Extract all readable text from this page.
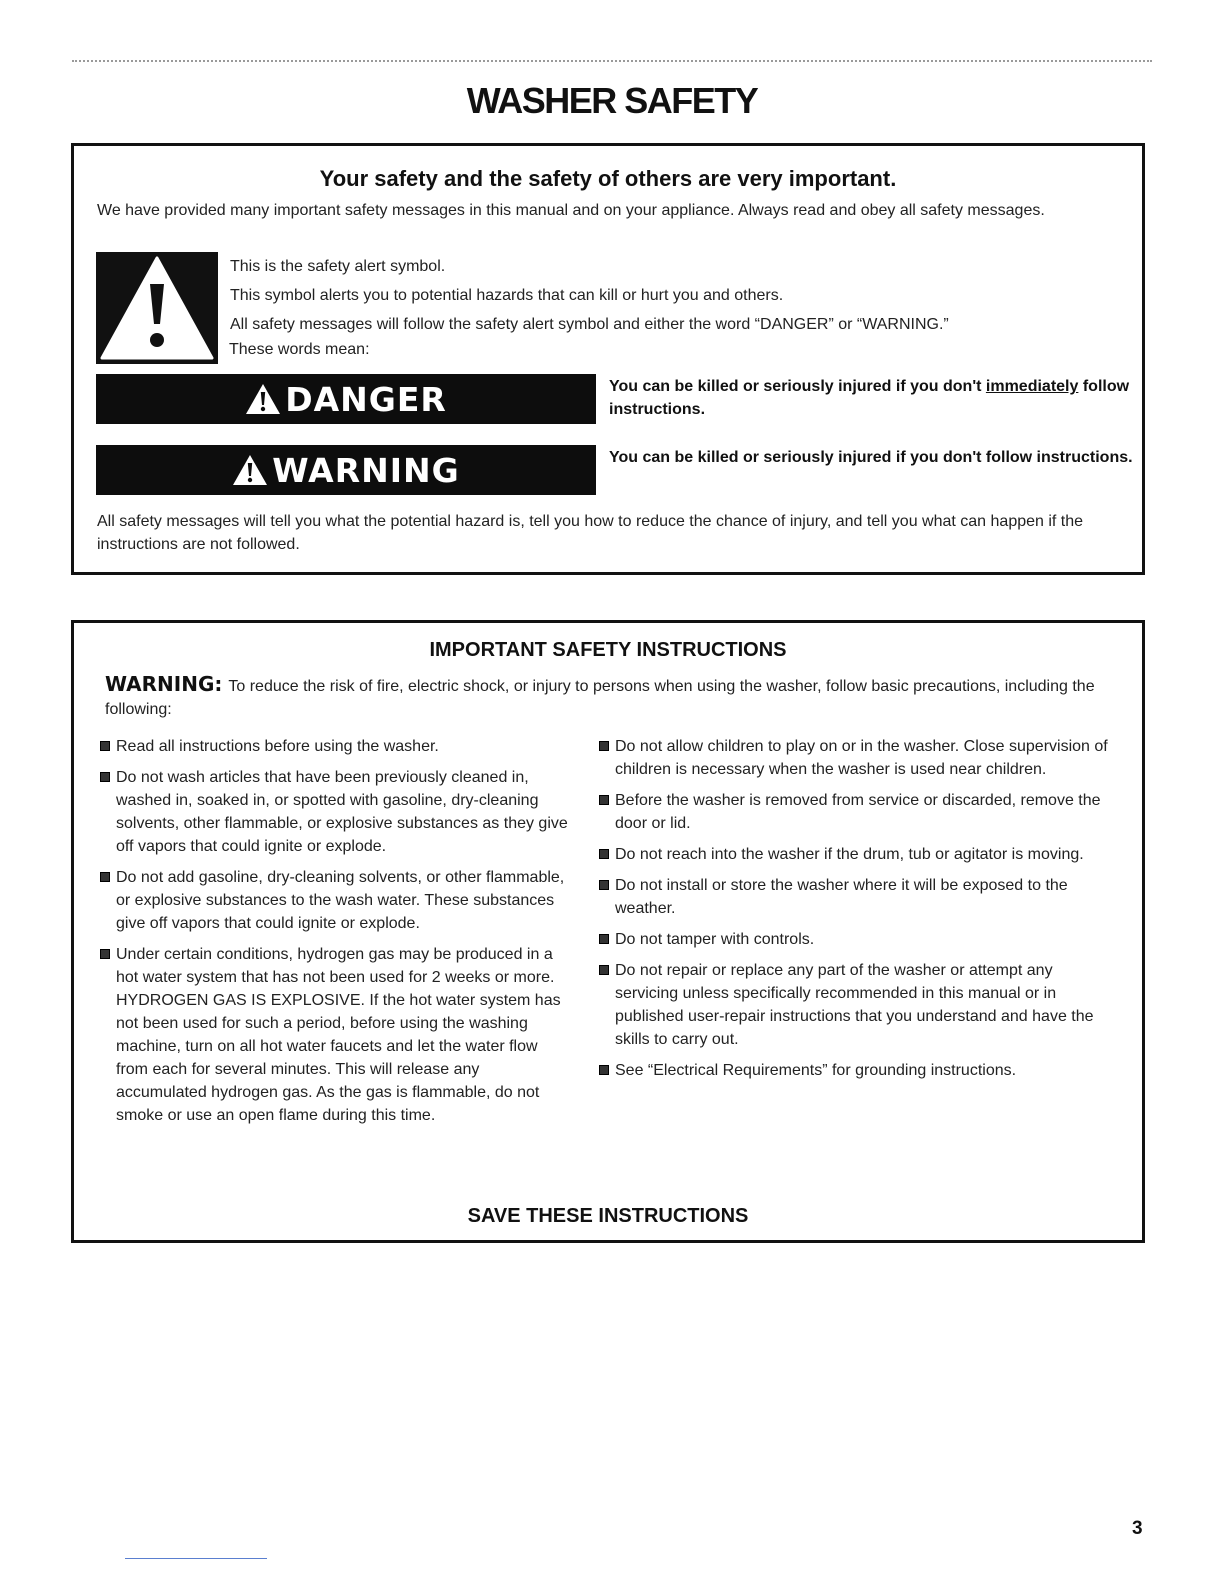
WASHER SAFETY
Your safety and the safety of others are very important.
We have provided many important safety messages in this manual and on your appliance. Always read and obey all safety messages.
This is the safety alert symbol.
This symbol alerts you to potential hazards that can kill or hurt you and others.
All safety messages will follow the safety alert symbol and either the word “DANGER” or “WARNING.”
These words mean:
DANGER	You can be killed or seriously injured if you don't immediately follow instructions.
WARNING	You can be killed or seriously injured if you don't follow instructions.
All safety messages will tell you what the potential hazard is, tell you how to reduce the chance of injury, and tell you what can happen if the instructions are not followed.
IMPORTANT SAFETY INSTRUCTIONS
WARNING: To reduce the risk of fire, electric shock, or injury to persons when using the washer, follow basic precautions, including the following:
Read all instructions before using the washer.
Do not wash articles that have been previously cleaned in, washed in, soaked in, or spotted with gasoline, dry-cleaning solvents, other flammable, or explosive substances as they give off vapors that could ignite or explode.
Do not add gasoline, dry-cleaning solvents, or other flammable, or explosive substances to the wash water. These substances give off vapors that could ignite or explode.
Under certain conditions, hydrogen gas may be produced in a hot water system that has not been used for 2 weeks or more. HYDROGEN GAS IS EXPLOSIVE. If the hot water system has not been used for such a period, before using the washing machine, turn on all hot water faucets and let the water flow from each for several minutes. This will release any accumulated hydrogen gas. As the gas is flammable, do not smoke or use an open flame during this time.
Do not allow children to play on or in the washer. Close supervision of children is necessary when the washer is used near children.
Before the washer is removed from service or discarded, remove the door or lid.
Do not reach into the washer if the drum, tub or agitator is moving.
Do not install or store the washer where it will be exposed to the weather.
Do not tamper with controls.
Do not repair or replace any part of the washer or attempt any servicing unless specifically recommended in this manual or in published user-repair instructions that you understand and have the skills to carry out.
See “Electrical Requirements” for grounding instructions.
SAVE THESE INSTRUCTIONS
3
